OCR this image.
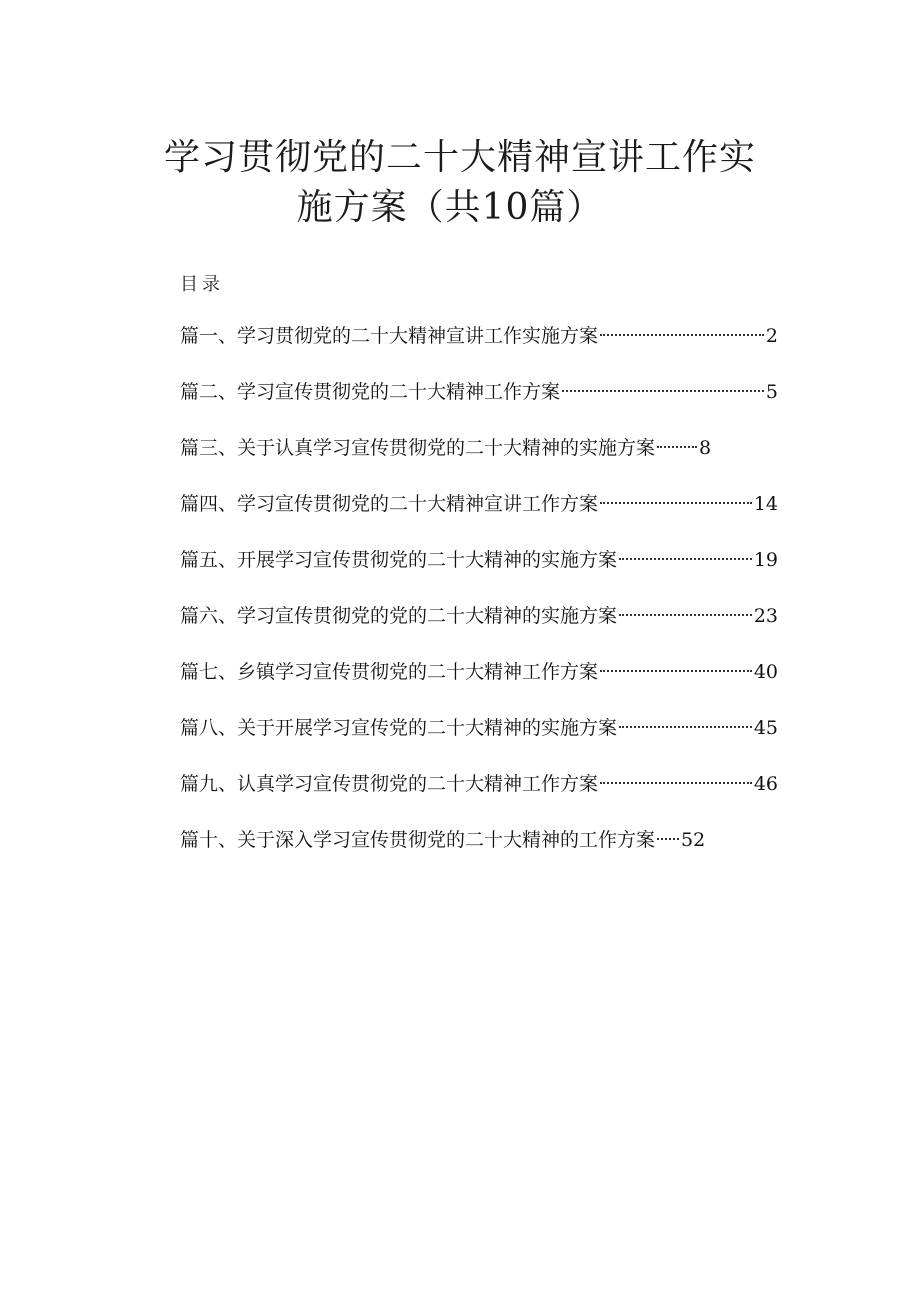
学习贯彻党的二十大精神宣讲工作实
施方案（共10篇）
目录
篇一、学习贯彻党的二十大精神宣讲工作实施方案	2
篇二、学习宣传贯彻党的二十大精神工作方案	5
篇三、关于认真学习宣传贯彻党的二十大精神的实施方案 8
篇四、学习宣传贯彻党的二十大精神宣讲工作方案	14
篇五、开展学习宣传贯彻党的二十大精神的实施方案	19
篇六、学习宣传贯彻党的党的二十大精神的实施方案	23
篇七、乡镇学习宣传贯彻党的二十大精神工作方案	40
篇八、关于开展学习宣传党的二十大精神的实施方案	45
篇九、认真学习宣传贯彻党的二十大精神工作方案	46
篇十、关于深入学习宣传贯彻党的二十大精神的工作方案 52
